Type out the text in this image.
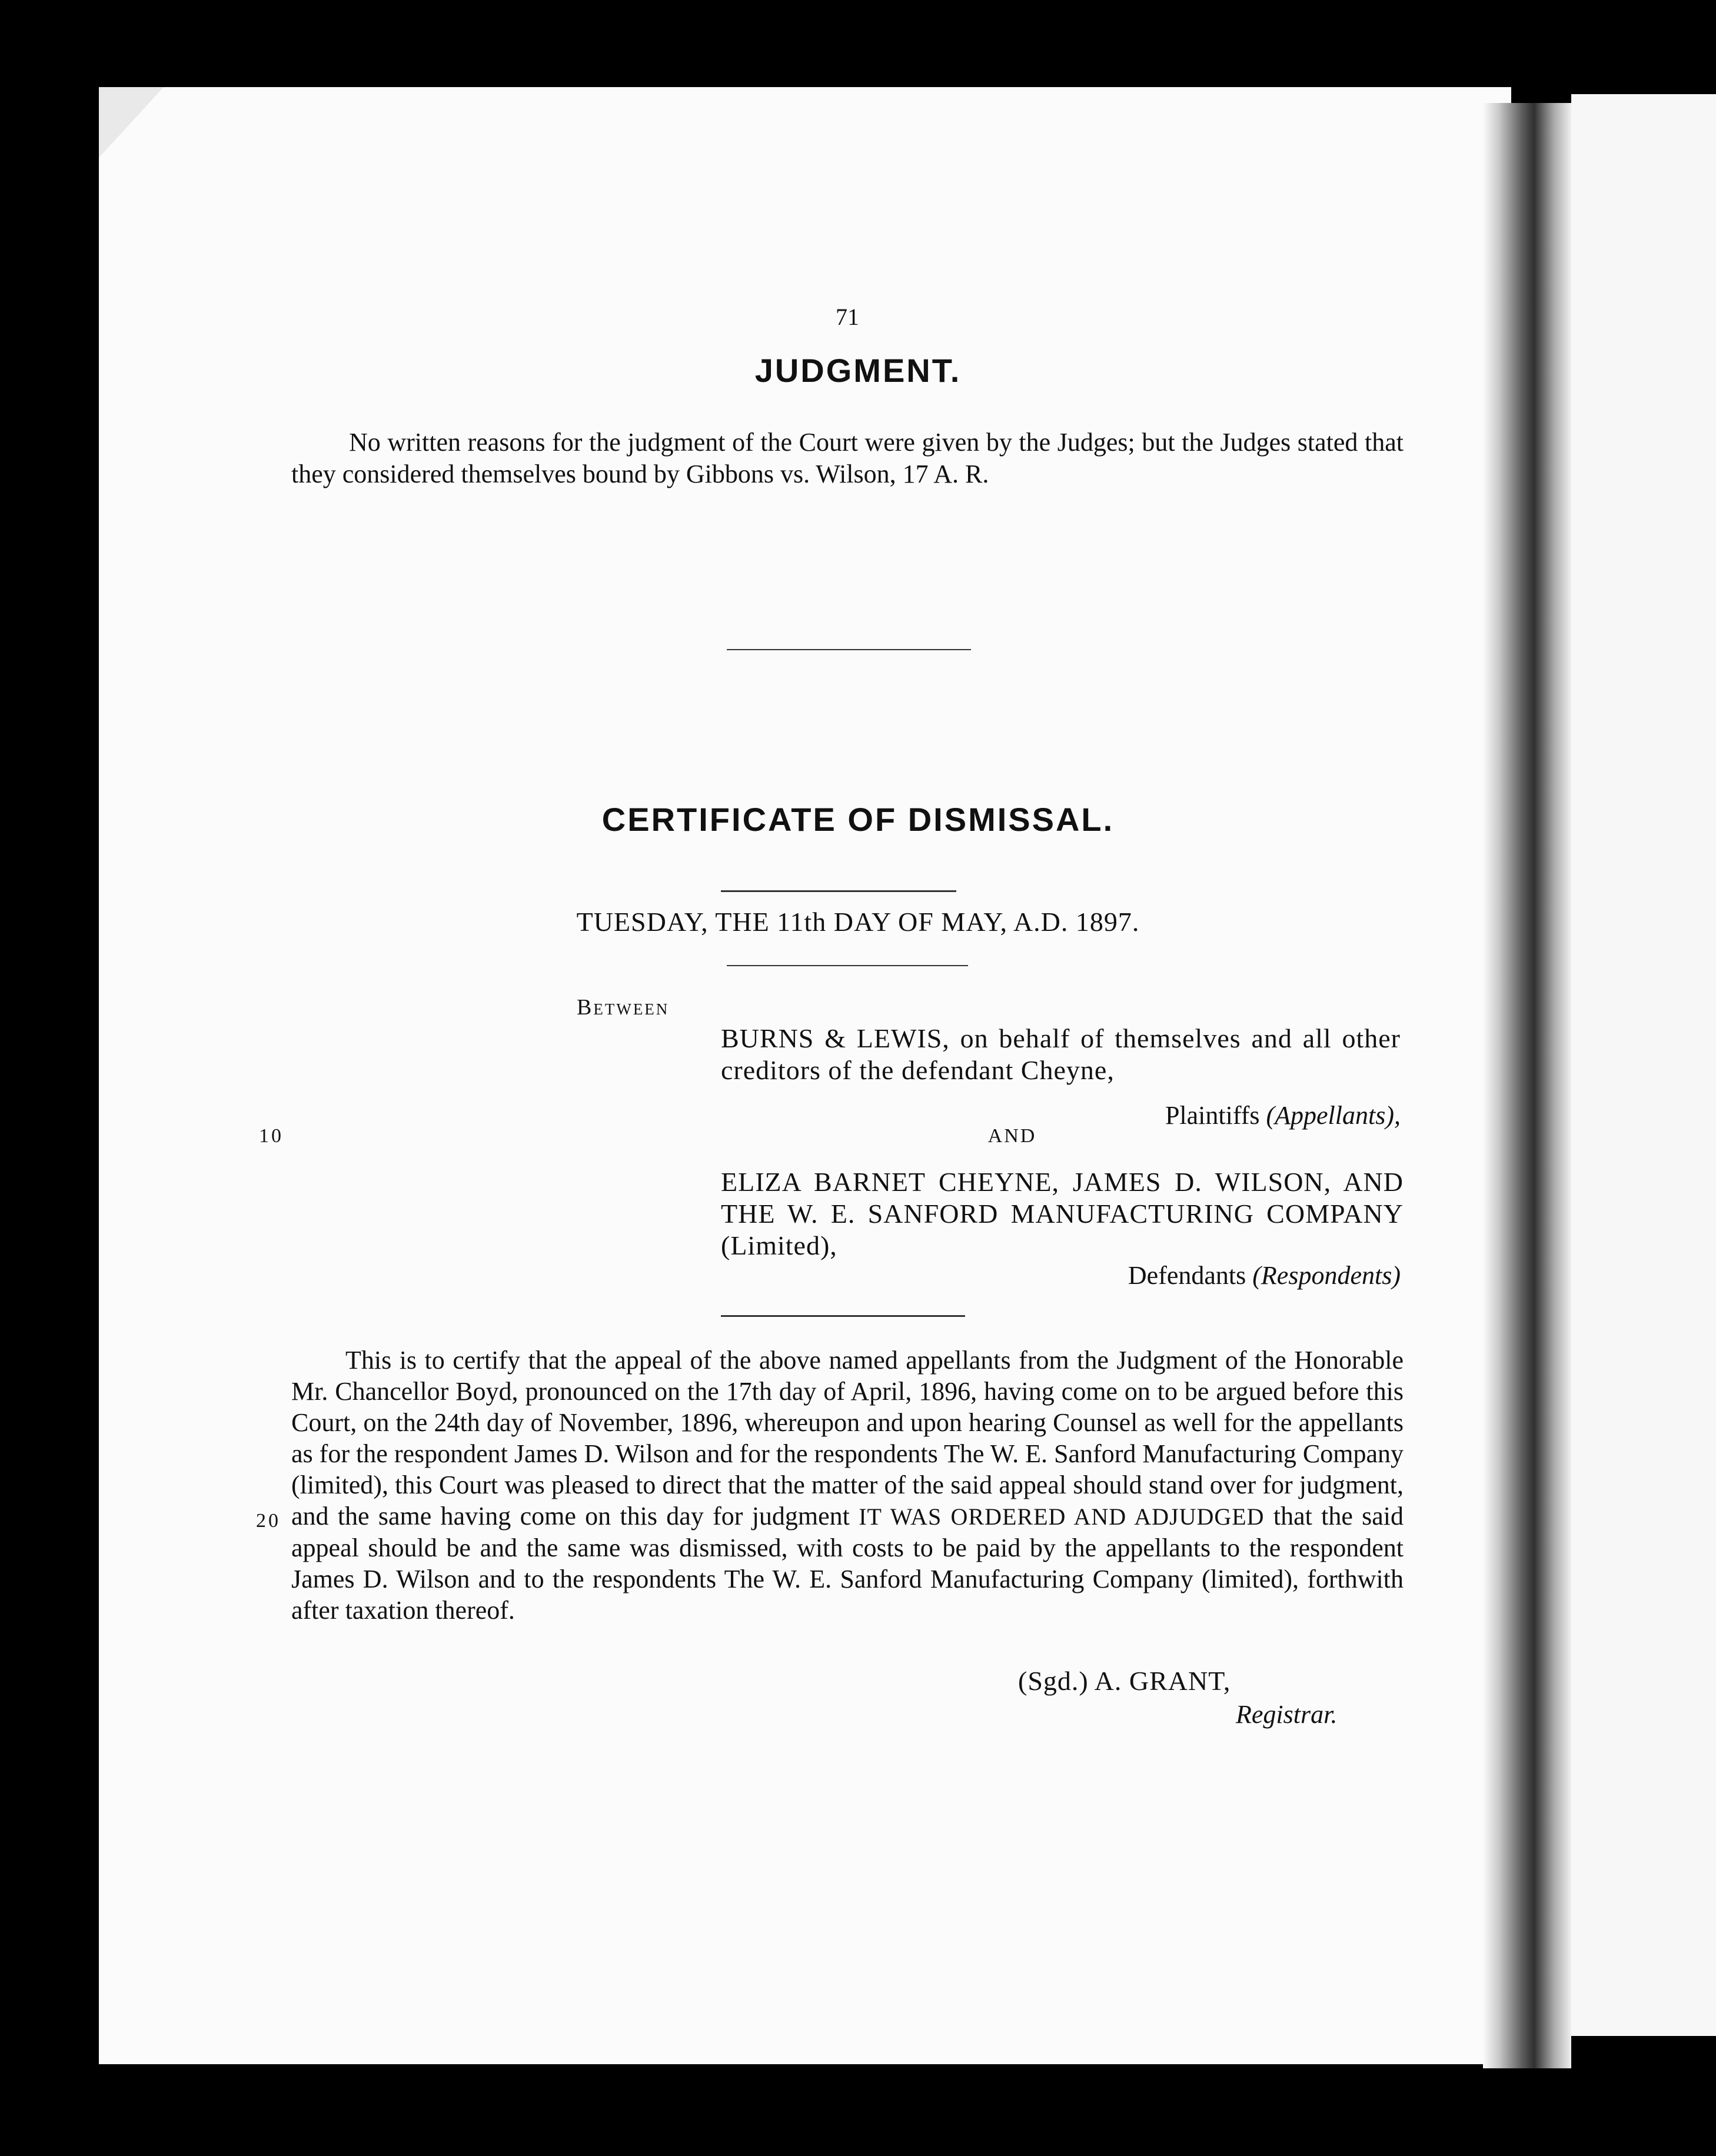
71
JUDGMENT.
No written reasons for the judgment of the Court were given by the Judges; but the Judges stated that they considered themselves bound by Gibbons vs. Wilson, 17 A. R.
CERTIFICATE OF DISMISSAL.
TUESDAY, THE 11th DAY OF MAY, A.D. 1897.
Between
BURNS & LEWIS, on behalf of themselves and all other creditors of the defendant Cheyne,
Plaintiffs (Appellants),
10	AND
ELIZA BARNET CHEYNE, JAMES D. WILSON, AND THE W. E. SANFORD MANUFACTURING COMPANY (Limited),
Defendants (Respondents)
This is to certify that the appeal of the above named appellants from the Judgment of the Honorable Mr. Chancellor Boyd, pronounced on the 17th day of April, 1896, having come on to be argued before this Court, on the 24th day of November, 1896, whereupon and upon hearing Counsel as well for the appellants as for the respondent James D. Wilson and for the respondents The W. E. Sanford Manufacturing Company (limited), this Court was pleased to direct that the matter of the said appeal should stand over for judgment, and the same having come on this day for judgment IT WAS ORDERED AND ADJUDGED that the said appeal should be and the same was dismissed, with costs to be paid by the appellants to the respondent James D. Wilson and to the respondents The W. E. Sanford Manufacturing Company (limited), forthwith after taxation thereof.
20
(Sgd.) A. GRANT,
Registrar.
